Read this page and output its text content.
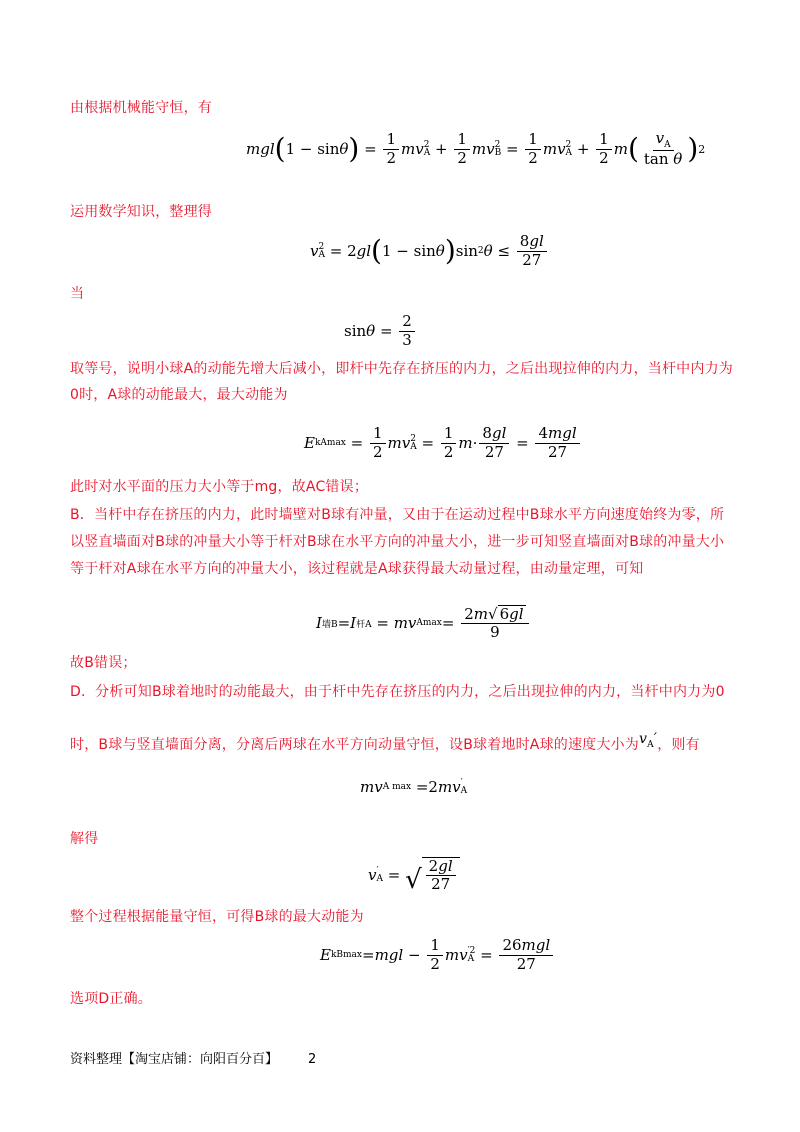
由根据机械能守恒，有
mgl ( 1 − sin θ ) = $\frac{1}{2}$ mv 2
$A + \frac{1}{2}$ mv 2
$B = \frac{1}{2}$ mv 2
$A + \frac{1}{2}$ m ( $\frac{v_A}{\text{tan θ}}$ ) 2
运用数学知识，整理得
v 2
A = 2 gl ( 1 − sin θ ) sin 2 $\theta \le \frac{8gl}{27}$
当
$\sin \theta = \frac{2}{3}$
取等号，说明小球A的动能先增大后减小，即杆中先存在挤压的内力，之后出现拉伸的内力，当杆中内力为0时，A球的动能最大，最大动能为
E $kAmax = \frac{1}{2}$ mv 2
$A = \frac{1}{2}$ $m \cdot \frac{8gl}{27} = \frac{\text{4mgl}}{27}$
此时对水平面的压力大小等于mg，故AC错误；
B．当杆中存在挤压的内力，此时墙壁对B球有冲量，又由于在运动过程中B球水平方向速度始终为零，所以竖直墙面对B球的冲量大小等于杆对B球在水平方向的冲量大小，进一步可知竖直墙面对B球的冲量大小等于杆对A球在水平方向的冲量大小，该过程就是A球获得最大动量过程，由动量定理，可知
I 墙B = I 杆A = mv $Amax = \frac{2m√ 6gl}{9}$
故B错误；
D．分析可知B球着地时的动能最大，由于杆中先存在挤压的内力，之后出现拉伸的内力，当杆中内力为0
时，B球与竖直墙面分离，分离后两球在水平方向动量守恒，设B球着地时A球的速度大小为$v_A'$，则有
mv A max =2 mv ′
A
解得
v ′
A = √ $\frac{2gl}{27}$
整个过程根据能量守恒，可得B球的最大动能为
E kBmax = mgl − $\frac{1}{2}$ mv ′2
$A = \frac{\text{26mgl}}{27}$
选项D正确。
资料整理【淘宝店铺：向阳百分百】 2
